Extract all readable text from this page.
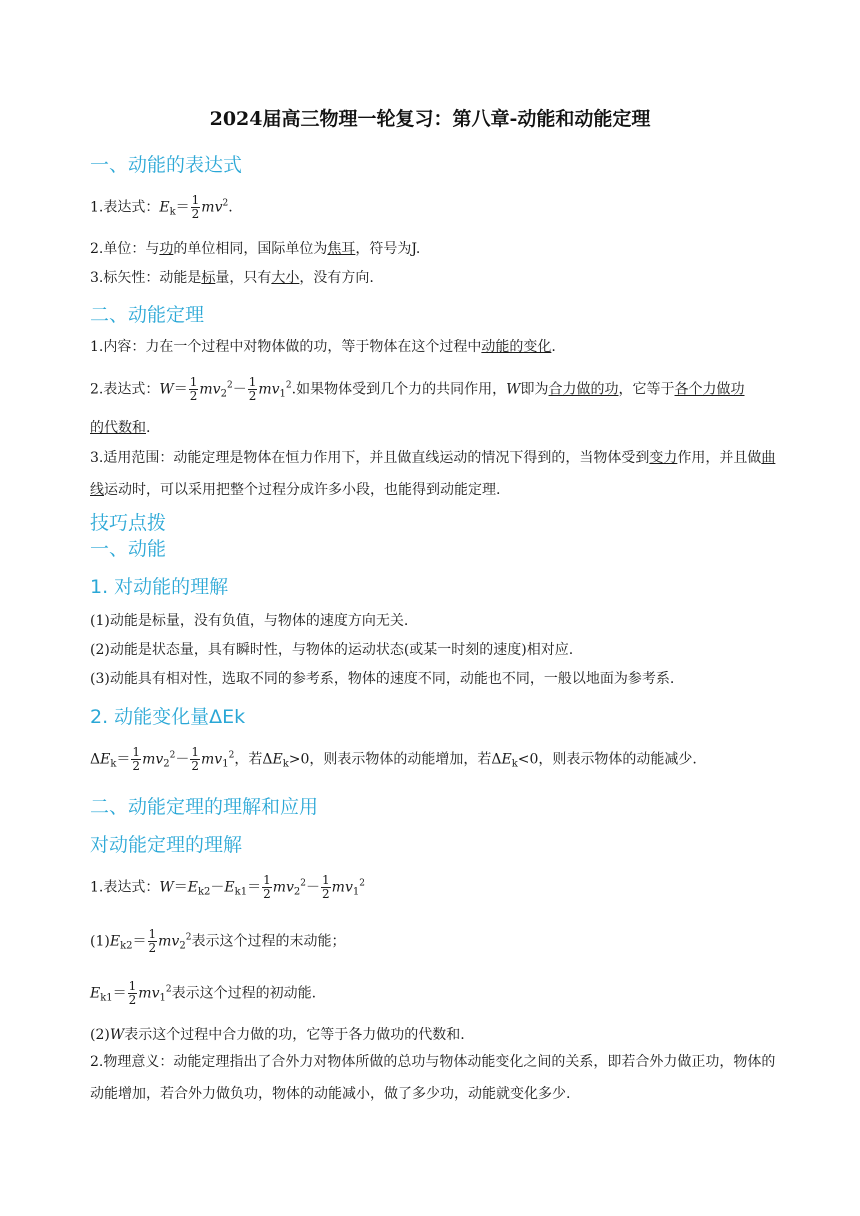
2024届高三物理一轮复习：第八章-动能和动能定理
一、动能的表达式
1.表达式：$E_k= \frac{1}{2} mv^2$.
2.单位：与功的单位相同，国际单位为焦耳，符号为J.
3.标矢性：动能是标量，只有大小，没有方向.
二、动能定理
1.内容：力在一个过程中对物体做的功，等于物体在这个过程中动能的变化.
2.表达式：$W= \frac{1}{2} mv_2^2- \frac{1}{2} mv_1^2$.如果物体受到几个力的共同作用，W即为合力做的功，它等于各个力做功
的代数和.
3.适用范围：动能定理是物体在恒力作用下，并且做直线运动的情况下得到的，当物体受到变力作用，并且做曲线运动时，可以采用把整个过程分成许多小段，也能得到动能定理.
技巧点拨
一、动能
1. 对动能的理解
(1)动能是标量，没有负值，与物体的速度方向无关.
(2)动能是状态量，具有瞬时性，与物体的运动状态(或某一时刻的速度)相对应.
(3)动能具有相对性，选取不同的参考系，物体的速度不同，动能也不同，一般以地面为参考系.
2. 动能变化量ΔEk
$\Delta E_k= \frac{1}{2} mv_2^2- \frac{1}{2} mv_1^2$，若$\Delta E_k>0$，则表示物体的动能增加，若$\Delta E_k<0$，则表示物体的动能减少.
二、动能定理的理解和应用
对动能定理的理解
1.表达式：$W=E_{k2}-E_{k1}= \frac{1}{2} mv_2^2- \frac{1}{2} mv_1^2$
$(1)E_{k2}= \frac{1}{2} mv_2^2$表示这个过程的末动能；
$E_{k1}= \frac{1}{2} mv_1^2$表示这个过程的初动能.
(2)W表示这个过程中合力做的功，它等于各力做功的代数和.
2.物理意义：动能定理指出了合外力对物体所做的总功与物体动能变化之间的关系，即若合外力做正功，物体的动能增加，若合外力做负功，物体的动能减小，做了多少功，动能就变化多少.
